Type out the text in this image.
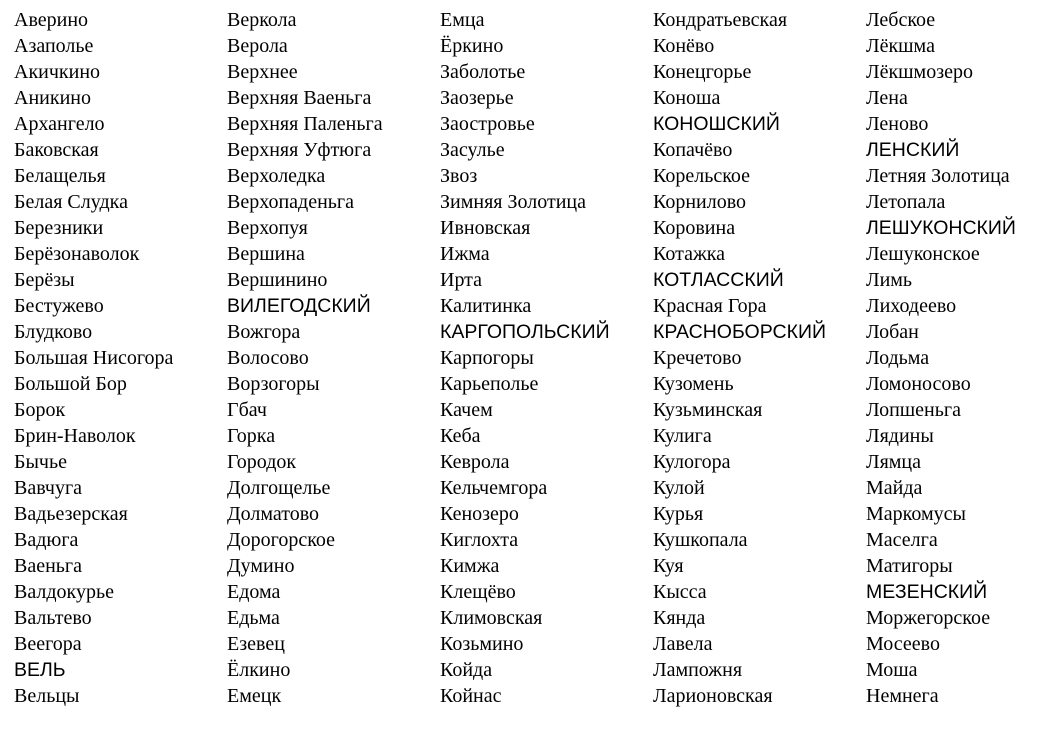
Аверино
Азаполье
Акичкино
Аникино
Архангело
Баковская
Белащелья
Белая Слудка
Березники
Берёзонаволок
Берёзы
Бестужево
Блудково
Большая Нисогора
Большой Бор
Борок
Брин-Наволок
Бычье
Вавчуга
Вадьезерская
Вадюга
Ваеньга
Валдокурье
Вальтево
Веегора
ВЕЛЬ
Вельцы
Веркола
Верола
Верхнее
Верхняя Ваеньга
Верхняя Паленьга
Верхняя Уфтюга
Верхоледка
Верхопаденьга
Верхопуя
Вершина
Вершинино
ВИЛЕГОДСКИЙ
Вожгора
Волосово
Ворзогоры
Гбач
Горка
Городок
Долгощелье
Долматово
Дорогорское
Думино
Едома
Едьма
Езевец
Ёлкино
Емецк
Емца
Ёркино
Заболотье
Заозерье
Заостровье
Засулье
Звоз
Зимняя Золотица
Ивновская
Ижма
Ирта
Калитинка
КАРГОПОЛЬСКИЙ
Карпогоры
Карьеполье
Качем
Кеба
Кеврола
Кельчемгора
Кенозеро
Киглохта
Кимжа
Клещёво
Климовская
Козьмино
Койда
Койнас
Кондратьевская
Конёво
Конецгорье
Коноша
КОНОШСКИЙ
Копачёво
Корельское
Корнилово
Коровина
Котажка
КОТЛАССКИЙ
Красная Гора
КРАСНОБОРСКИЙ
Кречетово
Кузомень
Кузьминская
Кулига
Кулогора
Кулой
Курья
Кушкопала
Куя
Кысса
Кянда
Лавела
Лампожня
Ларионовская
Лебское
Лёкшма
Лёкшмозеро
Лена
Леново
ЛЕНСКИЙ
Летняя Золотица
Летопала
ЛЕШУКОНСКИЙ
Лешуконское
Лимь
Лиходеево
Лобан
Лодьма
Ломоносово
Лопшеньга
Лядины
Лямца
Майда
Маркомусы
Маселга
Матигоры
МЕЗЕНСКИЙ
Моржегорское
Мосеево
Моша
Немнега
